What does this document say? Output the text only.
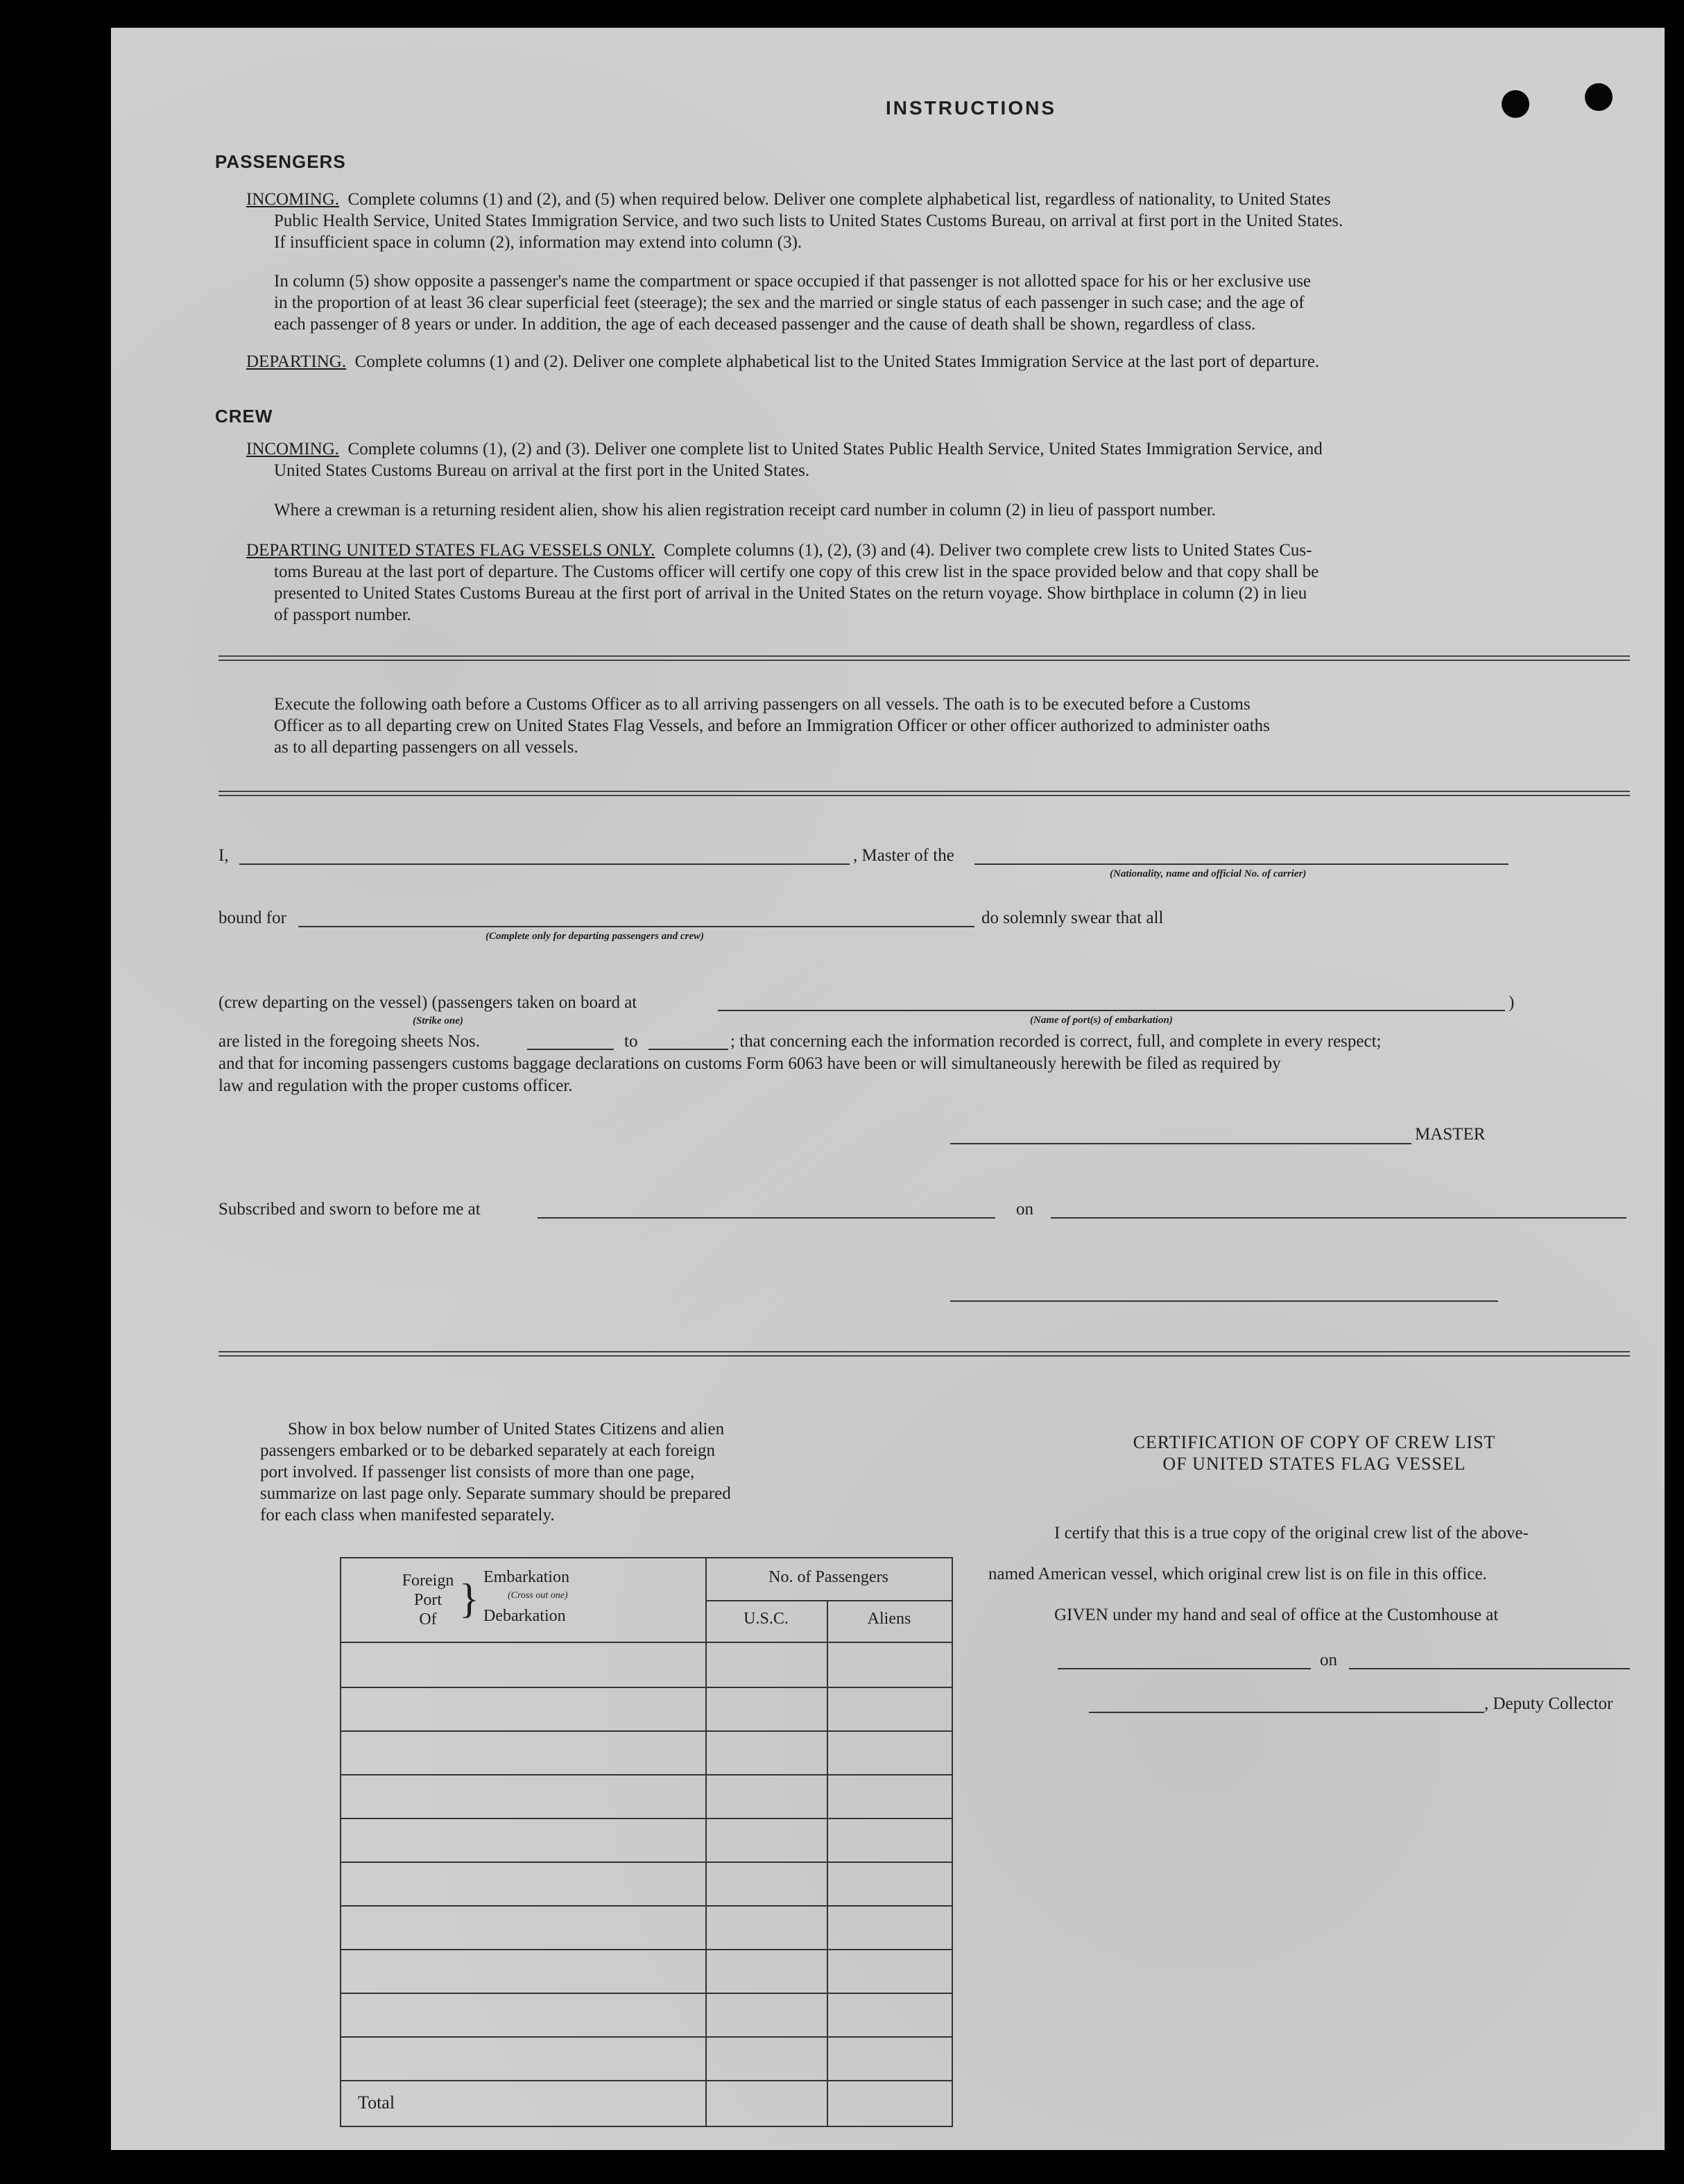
INSTRUCTIONS
PASSENGERS
INCOMING. Complete columns (1) and (2), and (5) when required below. Deliver one complete alphabetical list, regardless of nationality, to United States
Public Health Service, United States Immigration Service, and two such lists to United States Customs Bureau, on arrival at first port in the United States.
If insufficient space in column (2), information may extend into column (3).
In column (5) show opposite a passenger's name the compartment or space occupied if that passenger is not allotted space for his or her exclusive use
in the proportion of at least 36 clear superficial feet (steerage); the sex and the married or single status of each passenger in such case; and the age of
each passenger of 8 years or under. In addition, the age of each deceased passenger and the cause of death shall be shown, regardless of class.
DEPARTING. Complete columns (1) and (2). Deliver one complete alphabetical list to the United States Immigration Service at the last port of departure.
CREW
INCOMING. Complete columns (1), (2) and (3). Deliver one complete list to United States Public Health Service, United States Immigration Service, and
United States Customs Bureau on arrival at the first port in the United States.
Where a crewman is a returning resident alien, show his alien registration receipt card number in column (2) in lieu of passport number.
DEPARTING UNITED STATES FLAG VESSELS ONLY. Complete columns (1), (2), (3) and (4). Deliver two complete crew lists to United States Cus-
toms Bureau at the last port of departure. The Customs officer will certify one copy of this crew list in the space provided below and that copy shall be
presented to United States Customs Bureau at the first port of arrival in the United States on the return voyage. Show birthplace in column (2) in lieu
of passport number.
Execute the following oath before a Customs Officer as to all arriving passengers on all vessels. The oath is to be executed before a Customs
Officer as to all departing crew on United States Flag Vessels, and before an Immigration Officer or other officer authorized to administer oaths
as to all departing passengers on all vessels.
I,	, Master of the
(Nationality, name and official No. of carrier)
bound for
(Complete only for departing passengers and crew)
do solemnly swear that all
(crew departing on the vessel) (passengers taken on board at
(Strike one)	(Name of port(s) of embarkation)
)
are listed in the foregoing sheets Nos.	to	; that concerning each the information recorded is correct, full, and complete in every respect;
and that for incoming passengers customs baggage declarations on customs Form 6063 have been or will simultaneously herewith be filed as required by
law and regulation with the proper customs officer.
MASTER
Subscribed and sworn to before me at	on
Show in box below number of United States Citizens and alien
passengers embarked or to be debarked separately at each foreign
port involved. If passenger list consists of more than one page,
summarize on last page only. Separate summary should be prepared
for each class when manifested separately.
Foreign
Port
Of } Embarkation
(Cross out one)
Debarkation
No. of Passengers
U.S.C.	Aliens
Total
CERTIFICATION OF COPY OF CREW LIST
OF UNITED STATES FLAG VESSEL
I certify that this is a true copy of the original crew list of the above-
named American vessel, which original crew list is on file in this office.
GIVEN under my hand and seal of office at the Customhouse at
on
, Deputy Collector
